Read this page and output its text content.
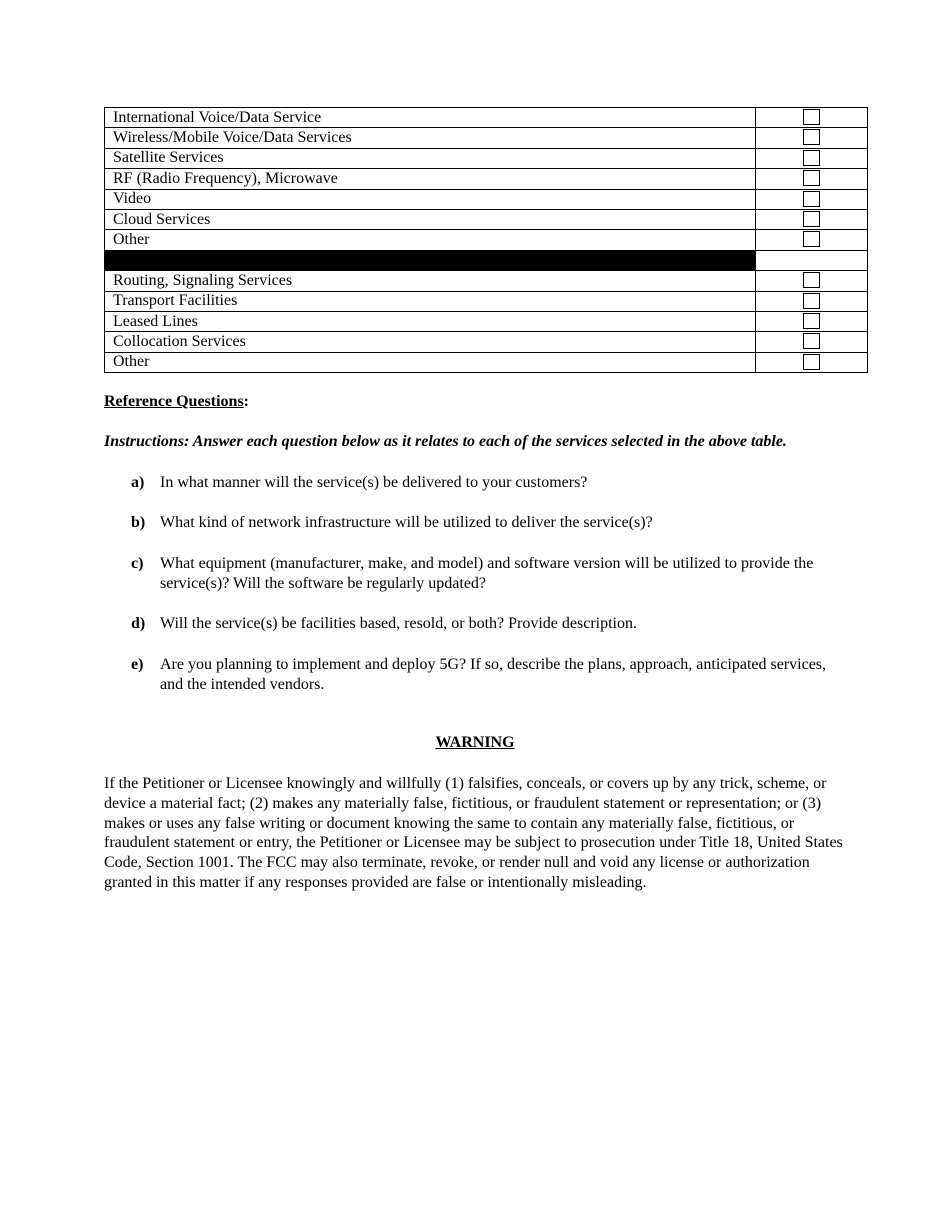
International Voice/Data Service	

Wireless/Mobile Voice/Data Services	

Satellite Services	

RF (Radio Frequency), Microwave	

Video	

Cloud Services	

Other	

Routing, Signaling Services	

Transport Facilities	

Leased Lines	

Collocation Services	

Other	
Reference Questions:
Instructions: Answer each question below as it relates to each of the services selected in the above table.
a) In what manner will the service(s) be delivered to your customers?
b) What kind of network infrastructure will be utilized to deliver the service(s)?
c) What equipment (manufacturer, make, and model) and software version will be utilized to provide the service(s)? Will the software be regularly updated?
d) Will the service(s) be facilities based, resold, or both? Provide description.
e) Are you planning to implement and deploy 5G? If so, describe the plans, approach, anticipated services, and the intended vendors.
WARNING
If the Petitioner or Licensee knowingly and willfully (1) falsifies, conceals, or covers up by any trick, scheme, or device a material fact; (2) makes any materially false, fictitious, or fraudulent statement or representation; or (3) makes or uses any false writing or document knowing the same to contain any materially false, fictitious, or fraudulent statement or entry, the Petitioner or Licensee may be subject to prosecution under Title 18, United States Code, Section 1001. The FCC may also terminate, revoke, or render null and void any license or authorization granted in this matter if any responses provided are false or intentionally misleading.
